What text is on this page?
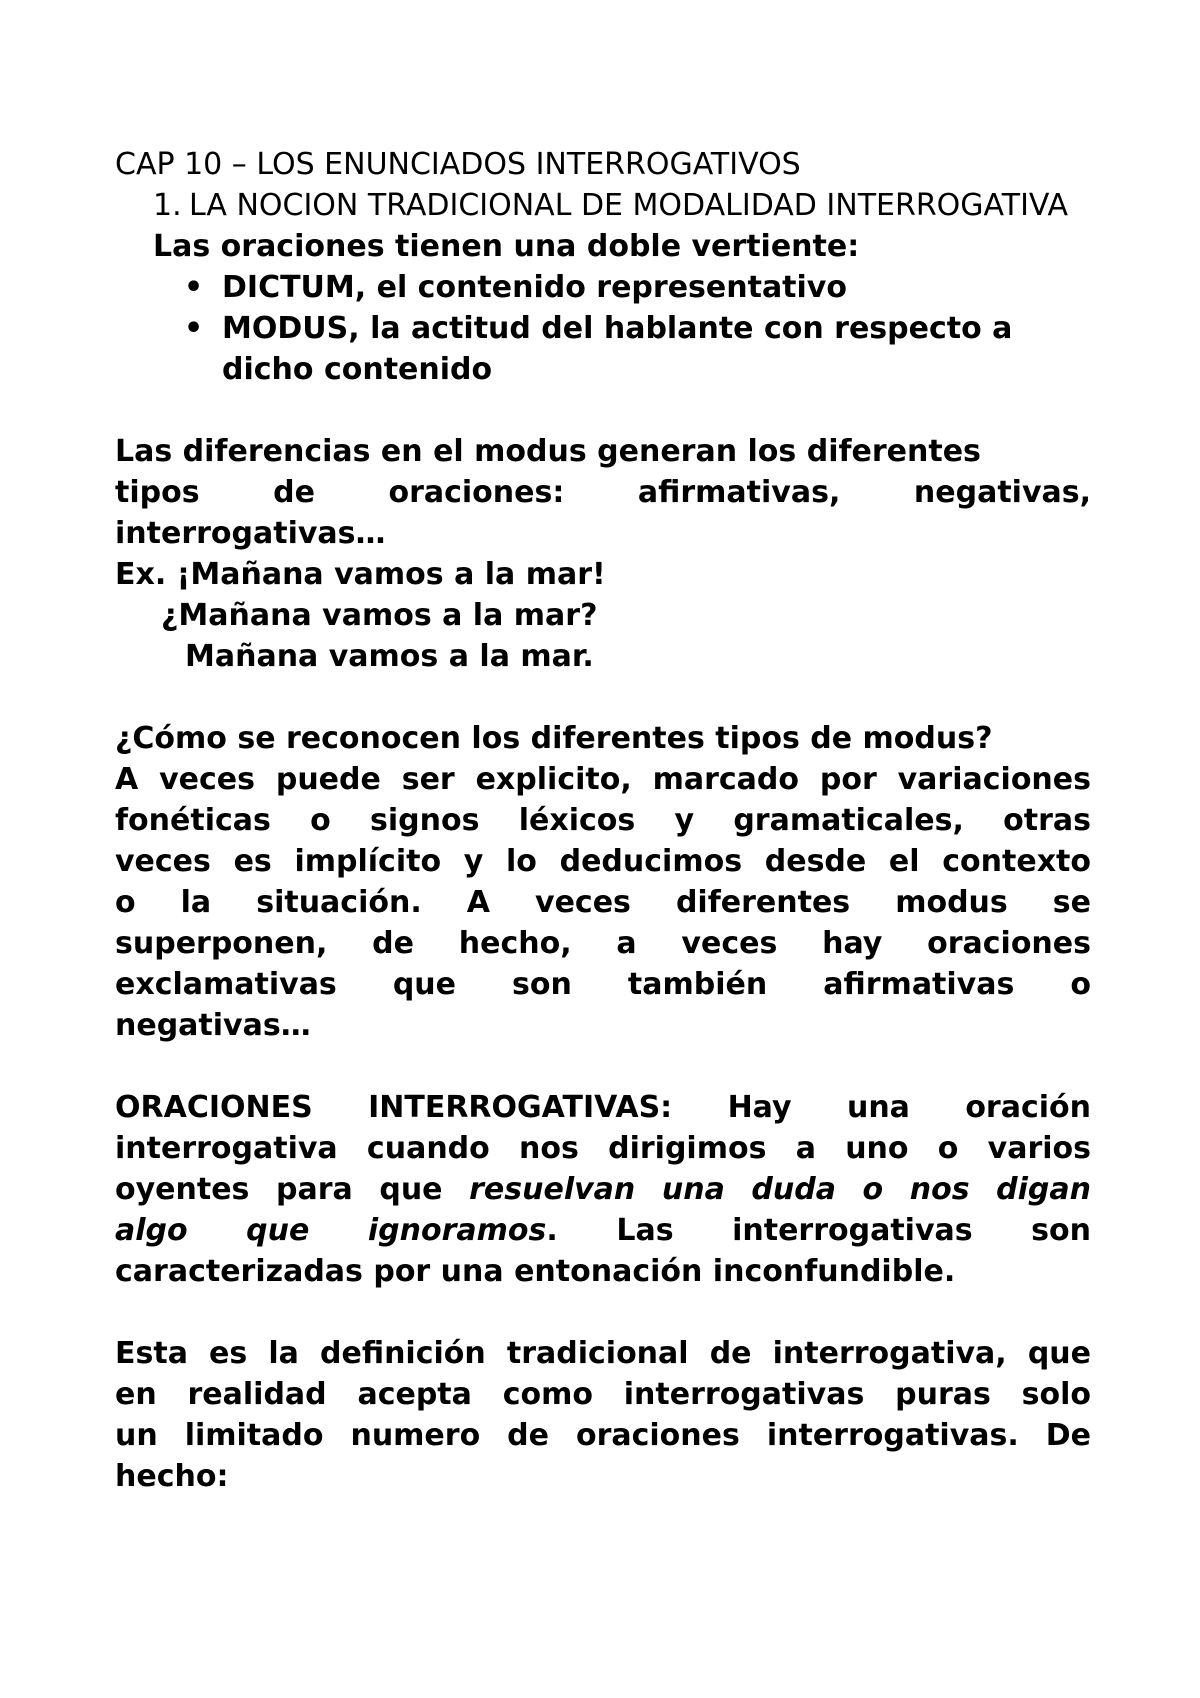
CAP 10 – LOS ENUNCIADOS INTERROGATIVOS
1. LA NOCION TRADICIONAL DE MODALIDAD INTERROGATIVA
Las oraciones tienen una doble vertiente:
• DICTUM, el contenido representativo
• MODUS, la actitud del hablante con respecto a dicho contenido
Las diferencias en el modus generan los diferentes
tipos de oraciones: afirmativas, negativas,
interrogativas…
Ex. ¡Mañana vamos a la mar!
¿Mañana vamos a la mar?
Mañana vamos a la mar.
¿Cómo se reconocen los diferentes tipos de modus?
A veces puede ser explicito, marcado por variaciones
fonéticas o signos léxicos y gramaticales, otras
veces es implícito y lo deducimos desde el contexto
o la situación. A veces diferentes modus se
superponen, de hecho, a veces hay oraciones
exclamativas que son también afirmativas o
negativas…
ORACIONES INTERROGATIVAS: Hay una oración
interrogativa cuando nos dirigimos a uno o varios
oyentes para que resuelvan una duda o nos digan
algo que ignoramos. Las interrogativas son
caracterizadas por una entonación inconfundible.
Esta es la definición tradicional de interrogativa, que
en realidad acepta como interrogativas puras solo
un limitado numero de oraciones interrogativas. De
hecho:
